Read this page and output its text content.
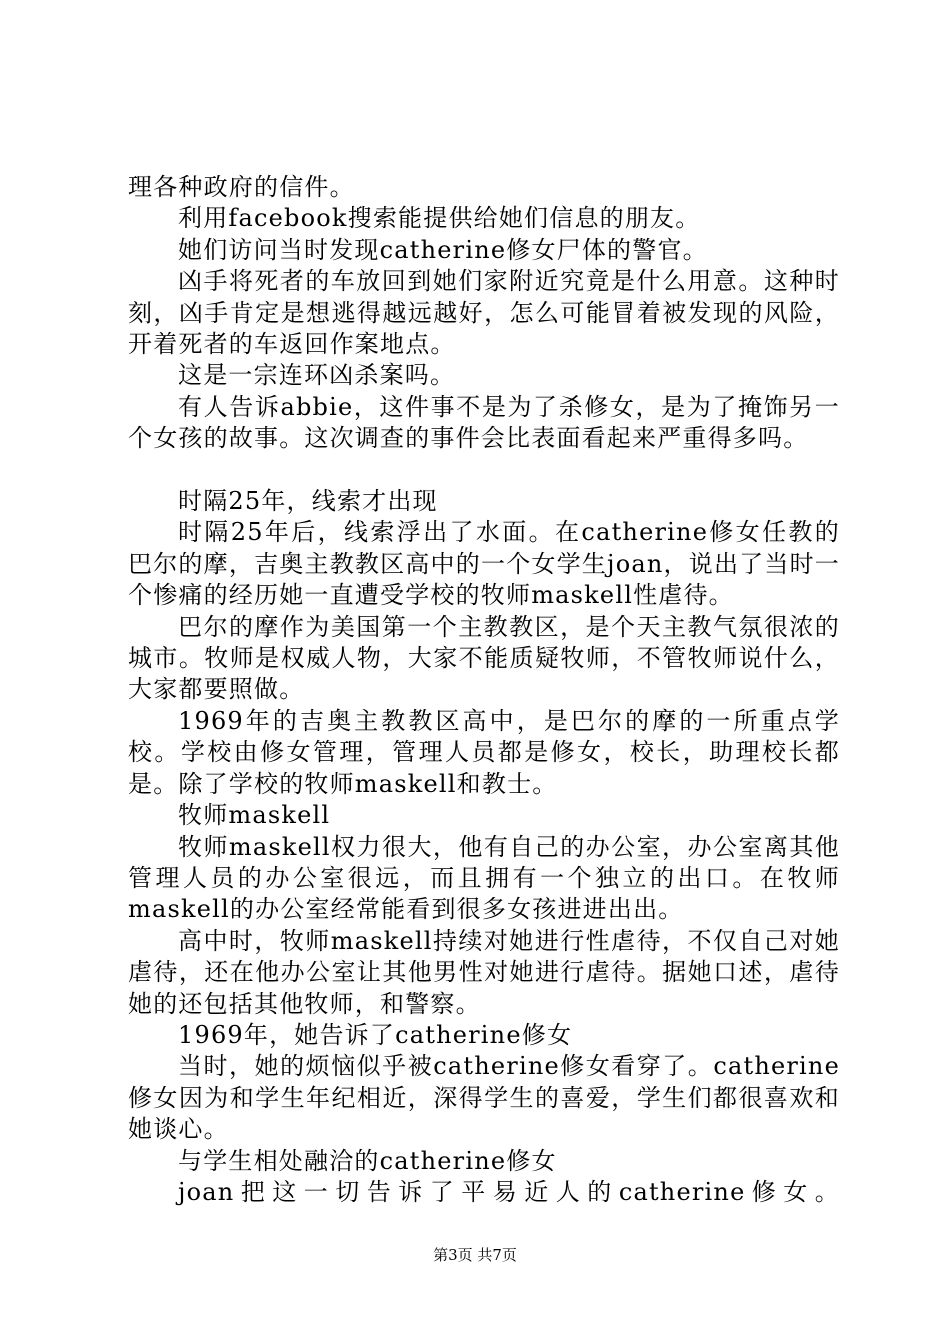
理各种政府的信件。

利用facebook搜索能提供给她们信息的朋友。

她们访问当时发现catherine修女尸体的警官。

凶手将死者的车放回到她们家附近究竟是什么用意。这种时刻，凶手肯定是想逃得越远越好，怎么可能冒着被发现的风险，开着死者的车返回作案地点。

这是一宗连环凶杀案吗。

有人告诉abbie，这件事不是为了杀修女，是为了掩饰另一个女孩的故事。这次调查的事件会比表面看起来严重得多吗。

时隔25年，线索才出现

时隔25年后，线索浮出了水面。在catherine修女任教的巴尔的摩，吉奥主教教区高中的一个女学生joan，说出了当时一个惨痛的经历她一直遭受学校的牧师maskell性虐待。

巴尔的摩作为美国第一个主教教区，是个天主教气氛很浓的城市。牧师是权威人物，大家不能质疑牧师，不管牧师说什么，大家都要照做。

1969年的吉奥主教教区高中，是巴尔的摩的一所重点学校。学校由修女管理，管理人员都是修女，校长，助理校长都是。除了学校的牧师maskell和教士。

牧师maskell

牧师maskell权力很大，他有自己的办公室，办公室离其他管理人员的办公室很远，而且拥有一个独立的出口。在牧师maskell的办公室经常能看到很多女孩进进出出。

高中时，牧师maskell持续对她进行性虐待，不仅自己对她虐待，还在他办公室让其他男性对她进行虐待。据她口述，虐待她的还包括其他牧师，和警察。

1969年，她告诉了catherine修女

当时，她的烦恼似乎被catherine修女看穿了。catherine修女因为和学生年纪相近，深得学生的喜爱，学生们都很喜欢和她谈心。

与学生相处融洽的catherine修女

joan把这一切告诉了平易近人的catherine修女。

第3页 共7页
